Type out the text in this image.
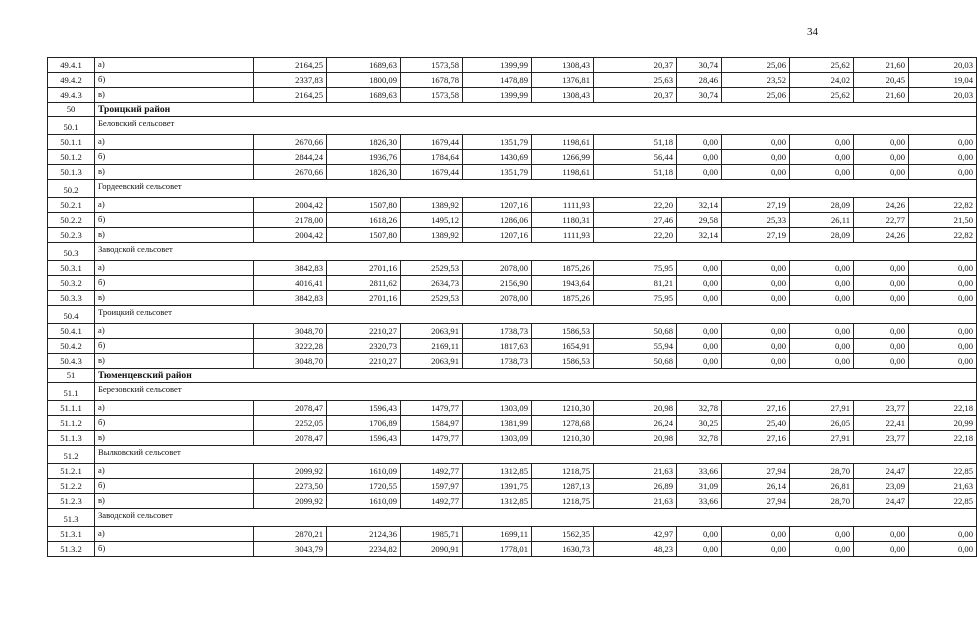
34
49.4.1	а)	2164,25	1689,63	1573,58	1399,99	1308,43	20,37	30,74	25,06	25,62	21,60	20,03
49.4.2	б)	2337,83	1800,09	1678,78	1478,89	1376,81	25,63	28,46	23,52	24,02	20,45	19,04
49.4.3	в)	2164,25	1689,63	1573,58	1399,99	1308,43	20,37	30,74	25,06	25,62	21,60	20,03
50	Троицкий район											
50.1	Беловский сельсовет											
50.1.1	а)	2670,66	1826,30	1679,44	1351,79	1198,61	51,18	0,00	0,00	0,00	0,00	0,00
50.1.2	б)	2844,24	1936,76	1784,64	1430,69	1266,99	56,44	0,00	0,00	0,00	0,00	0,00
50.1.3	в)	2670,66	1826,30	1679,44	1351,79	1198,61	51,18	0,00	0,00	0,00	0,00	0,00
50.2	Гордеевский сельсовет											
50.2.1	а)	2004,42	1507,80	1389,92	1207,16	1111,93	22,20	32,14	27,19	28,09	24,26	22,82
50.2.2	б)	2178,00	1618,26	1495,12	1286,06	1180,31	27,46	29,58	25,33	26,11	22,77	21,50
50.2.3	в)	2004,42	1507,80	1389,92	1207,16	1111,93	22,20	32,14	27,19	28,09	24,26	22,82
50.3	Заводской сельсовет											
50.3.1	а)	3842,83	2701,16	2529,53	2078,00	1875,26	75,95	0,00	0,00	0,00	0,00	0,00
50.3.2	б)	4016,41	2811,62	2634,73	2156,90	1943,64	81,21	0,00	0,00	0,00	0,00	0,00
50.3.3	в)	3842,83	2701,16	2529,53	2078,00	1875,26	75,95	0,00	0,00	0,00	0,00	0,00
50.4	Троицкий сельсовет											
50.4.1	а)	3048,70	2210,27	2063,91	1738,73	1586,53	50,68	0,00	0,00	0,00	0,00	0,00
50.4.2	б)	3222,28	2320,73	2169,11	1817,63	1654,91	55,94	0,00	0,00	0,00	0,00	0,00
50.4.3	в)	3048,70	2210,27	2063,91	1738,73	1586,53	50,68	0,00	0,00	0,00	0,00	0,00
51	Тюменцевский район											
51.1	Березовский сельсовет											
51.1.1	а)	2078,47	1596,43	1479,77	1303,09	1210,30	20,98	32,78	27,16	27,91	23,77	22,18
51.1.2	б)	2252,05	1706,89	1584,97	1381,99	1278,68	26,24	30,25	25,40	26,05	22,41	20,99
51.1.3	в)	2078,47	1596,43	1479,77	1303,09	1210,30	20,98	32,78	27,16	27,91	23,77	22,18
51.2	Вылковский сельсовет											
51.2.1	а)	2099,92	1610,09	1492,77	1312,85	1218,75	21,63	33,66	27,94	28,70	24,47	22,85
51.2.2	б)	2273,50	1720,55	1597,97	1391,75	1287,13	26,89	31,09	26,14	26,81	23,09	21,63
51.2.3	в)	2099,92	1610,09	1492,77	1312,85	1218,75	21,63	33,66	27,94	28,70	24,47	22,85
51.3	Заводской сельсовет											
51.3.1	а)	2870,21	2124,36	1985,71	1699,11	1562,35	42,97	0,00	0,00	0,00	0,00	0,00
51.3.2	б)	3043,79	2234,82	2090,91	1778,01	1630,73	48,23	0,00	0,00	0,00	0,00	0,00
